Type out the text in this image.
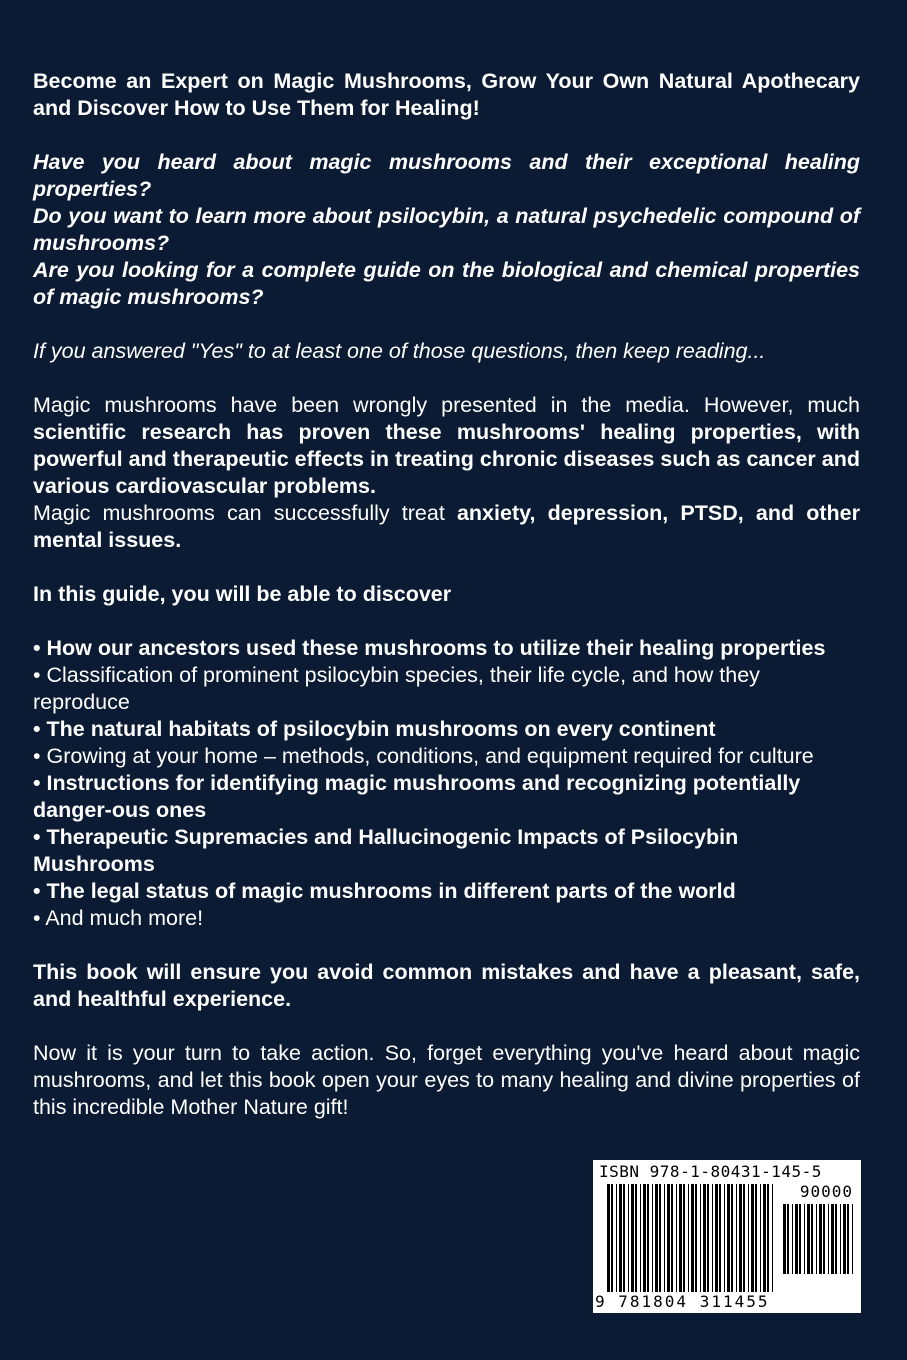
Become an Expert on Magic Mushrooms, Grow Your Own Natural Apothecary and Discover How to Use Them for Healing!

Have you heard about magic mushrooms and their exceptional healing properties?

Do you want to learn more about psilocybin, a natural psychedelic compound of mushrooms?

Are you looking for a complete guide on the biological and chemical properties of magic mushrooms?

If you answered "Yes" to at least one of those questions, then keep reading...

Magic mushrooms have been wrongly presented in the media. However, much scientific research has proven these mushrooms' healing properties, with powerful and therapeutic effects in treating chronic diseases such as cancer and various cardiovascular problems.

Magic mushrooms can successfully treat anxiety, depression, PTSD, and other mental issues.

In this guide, you will be able to discover

• How our ancestors used these mushrooms to utilize their healing properties
• Classification of prominent psilocybin species, their life cycle, and how they reproduce
• The natural habitats of psilocybin mushrooms on every continent
• Growing at your home – methods, conditions, and equipment required for culture
• Instructions for identifying magic mushrooms and recognizing potentially danger-ous ones
• Therapeutic Supremacies and Hallucinogenic Impacts of Psilocybin Mushrooms
• The legal status of magic mushrooms in different parts of the world
• And much more!

This book will ensure you avoid common mistakes and have a pleasant, safe, and healthful experience.

Now it is your turn to take action. So, forget everything you've heard about magic mushrooms, and let this book open your eyes to many healing and divine properties of this incredible Mother Nature gift!

ISBN 978-1-80431-145-5
90000
9 781804 311455
